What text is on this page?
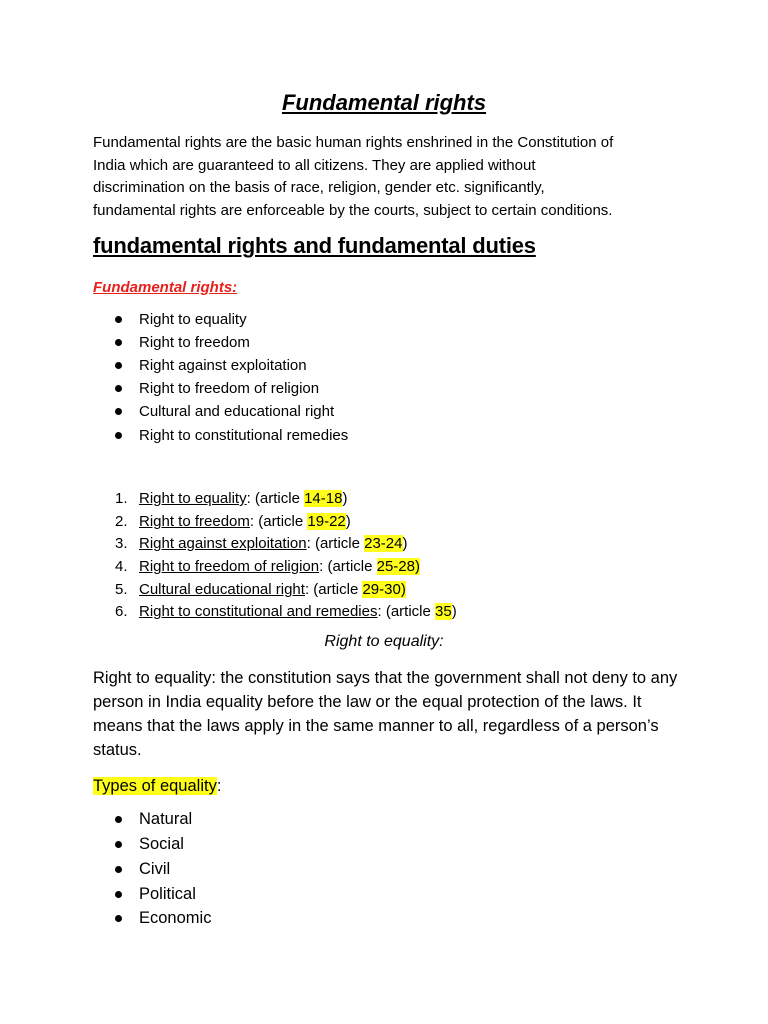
Fundamental rights
Fundamental rights are the basic human rights enshrined in the Constitution of
India which are guaranteed to all citizens. They are applied without
discrimination on the basis of race, religion, gender etc. significantly,
fundamental rights are enforceable by the courts, subject to certain conditions.
fundamental rights and fundamental duties
Fundamental rights:
Right to equality
Right to freedom
Right against exploitation
Right to freedom of religion
Cultural and educational right
Right to constitutional remedies
1. Right to equality: (article 14-18)
2. Right to freedom: (article 19-22)
3. Right against exploitation: (article 23-24)
4. Right to freedom of religion: (article 25-28)
5. Cultural educational right: (article 29-30)
6. Right to constitutional and remedies: (article 35)
Right to equality:
Right to equality: the constitution says that the government shall not deny to any person in India equality before the law or the equal protection of the laws. It means that the laws apply in the same manner to all, regardless of a person’s status.
Types of equality:
Natural
Social
Civil
Political
Economic
